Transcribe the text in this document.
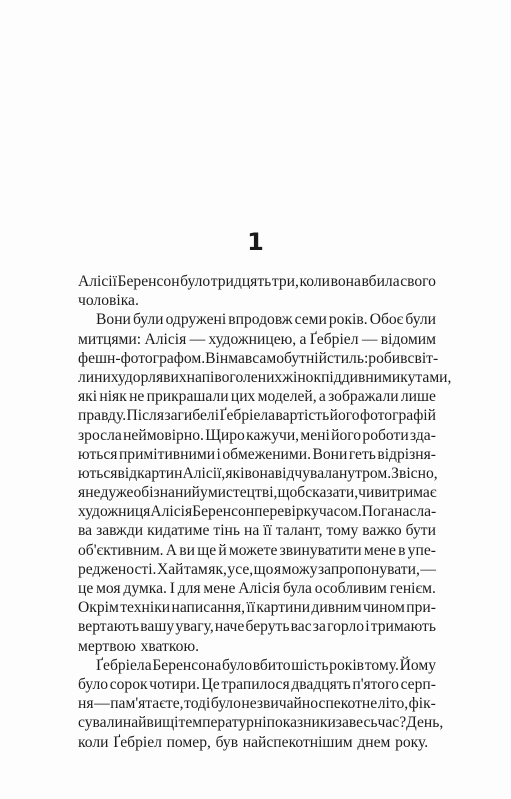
1
Алісії Беренсон було тридцять три, коли вона вбила свого
чоловіка.
Вони були одружені впродовж семи років. Обоє були
митцями: Алісія — художницею, а Ґебріел — відомим
фешн-фотографом. Він мав самобутній стиль: робив світ-
лини худорлявих напівоголених жінок під дивними кутами,
які ніяк не прикрашали цих моделей, а зображали лише
правду. Після загибелі Ґебріела вартість його фотографій
зросла неймовірно. Щиро кажучи, мені його роботи зда-
ються примітивними і обмеженими. Вони геть відрізня-
ються від картин Алісії, які вона відчувала нутром. Звісно,
я не дуже обізнаний у мистецтві, щоб сказати, чи витримає
художниця Алісія Беренсон перевірку часом. Погана сла-
ва завжди кидатиме тінь на її талант, тому важко бути
об'єктивним. А ви ще й можете звинуватити мене в упе-
редженості. Хай там як, усе, що я можу запропонувати, —
це моя думка. І для мене Алісія була особливим генієм.
Окрім техніки написання, її картини дивним чином при-
вертають вашу увагу, наче беруть вас за горло і тримають
мертвою хваткою.
Ґебріела Беренсона було вбито шість років тому. Йому
було сорок чотири. Це трапилося двадцять п'ятого серп-
ня — пам'ятаєте, тоді було незвичайно спекотне літо, фік-
сували найвищі температурні показники за весь час? День,
коли Ґебріел помер, був найспекотнішим днем року.
